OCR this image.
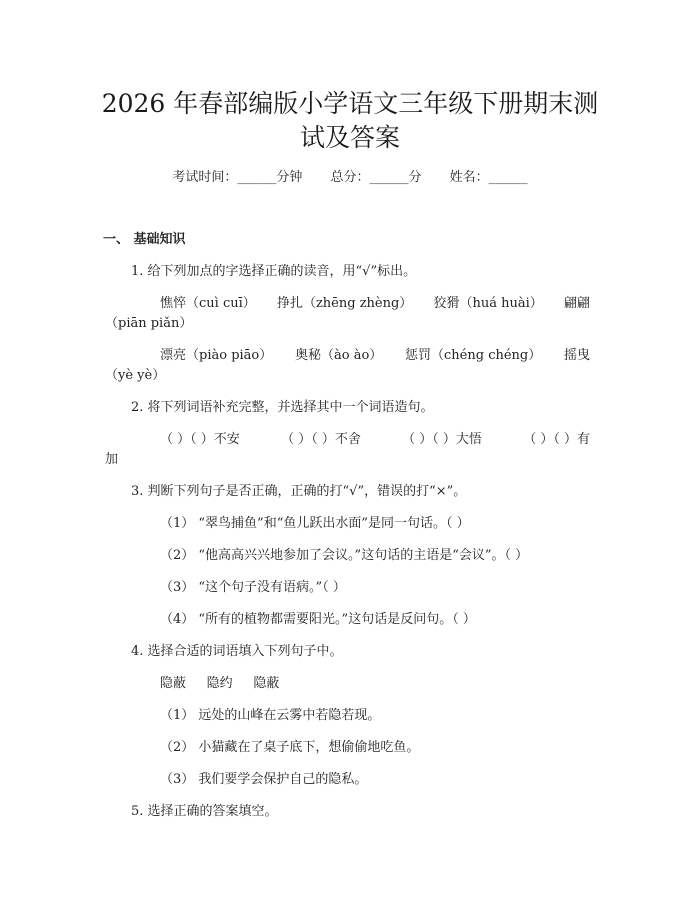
2026 年春部编版小学语文三年级下册期末测
试及答案
考试时间：______分钟 总分：______分 姓名：______
一、 基础知识
1. 给下列加点的字选择正确的读音，用“√”标出。
憔悴（cuì cuī） 挣扎（zhēng zhèng） 狡猾（huá huài） 翩翩
（piān piǎn）
漂亮（piào piāo） 奥秘（ào ào） 惩罚（chéng chéng） 摇曳
（yè yè）
2. 将下列词语补充完整，并选择其中一个词语造句。
（ ）（ ）不安	（ ）（ ）不舍	（ ）（ ）大悟	（ ）（ ）有
加
3. 判断下列句子是否正确，正确的打“√”，错误的打“×”。
（1） “翠鸟捕鱼”和“鱼儿跃出水面”是同一句话。（ ）
（2） “他高高兴兴地参加了会议。”这句话的主语是“会议”。（ ）
（3） “这个句子没有语病。”（ ）
（4） “所有的植物都需要阳光。”这句话是反问句。（ ）
4. 选择合适的词语填入下列句子中。
隐蔽     隐约     隐蔽
（1） 远处的山峰在云雾中若隐若现。
（2） 小猫藏在了桌子底下，想偷偷地吃鱼。
（3） 我们要学会保护自己的隐私。
5. 选择正确的答案填空。
